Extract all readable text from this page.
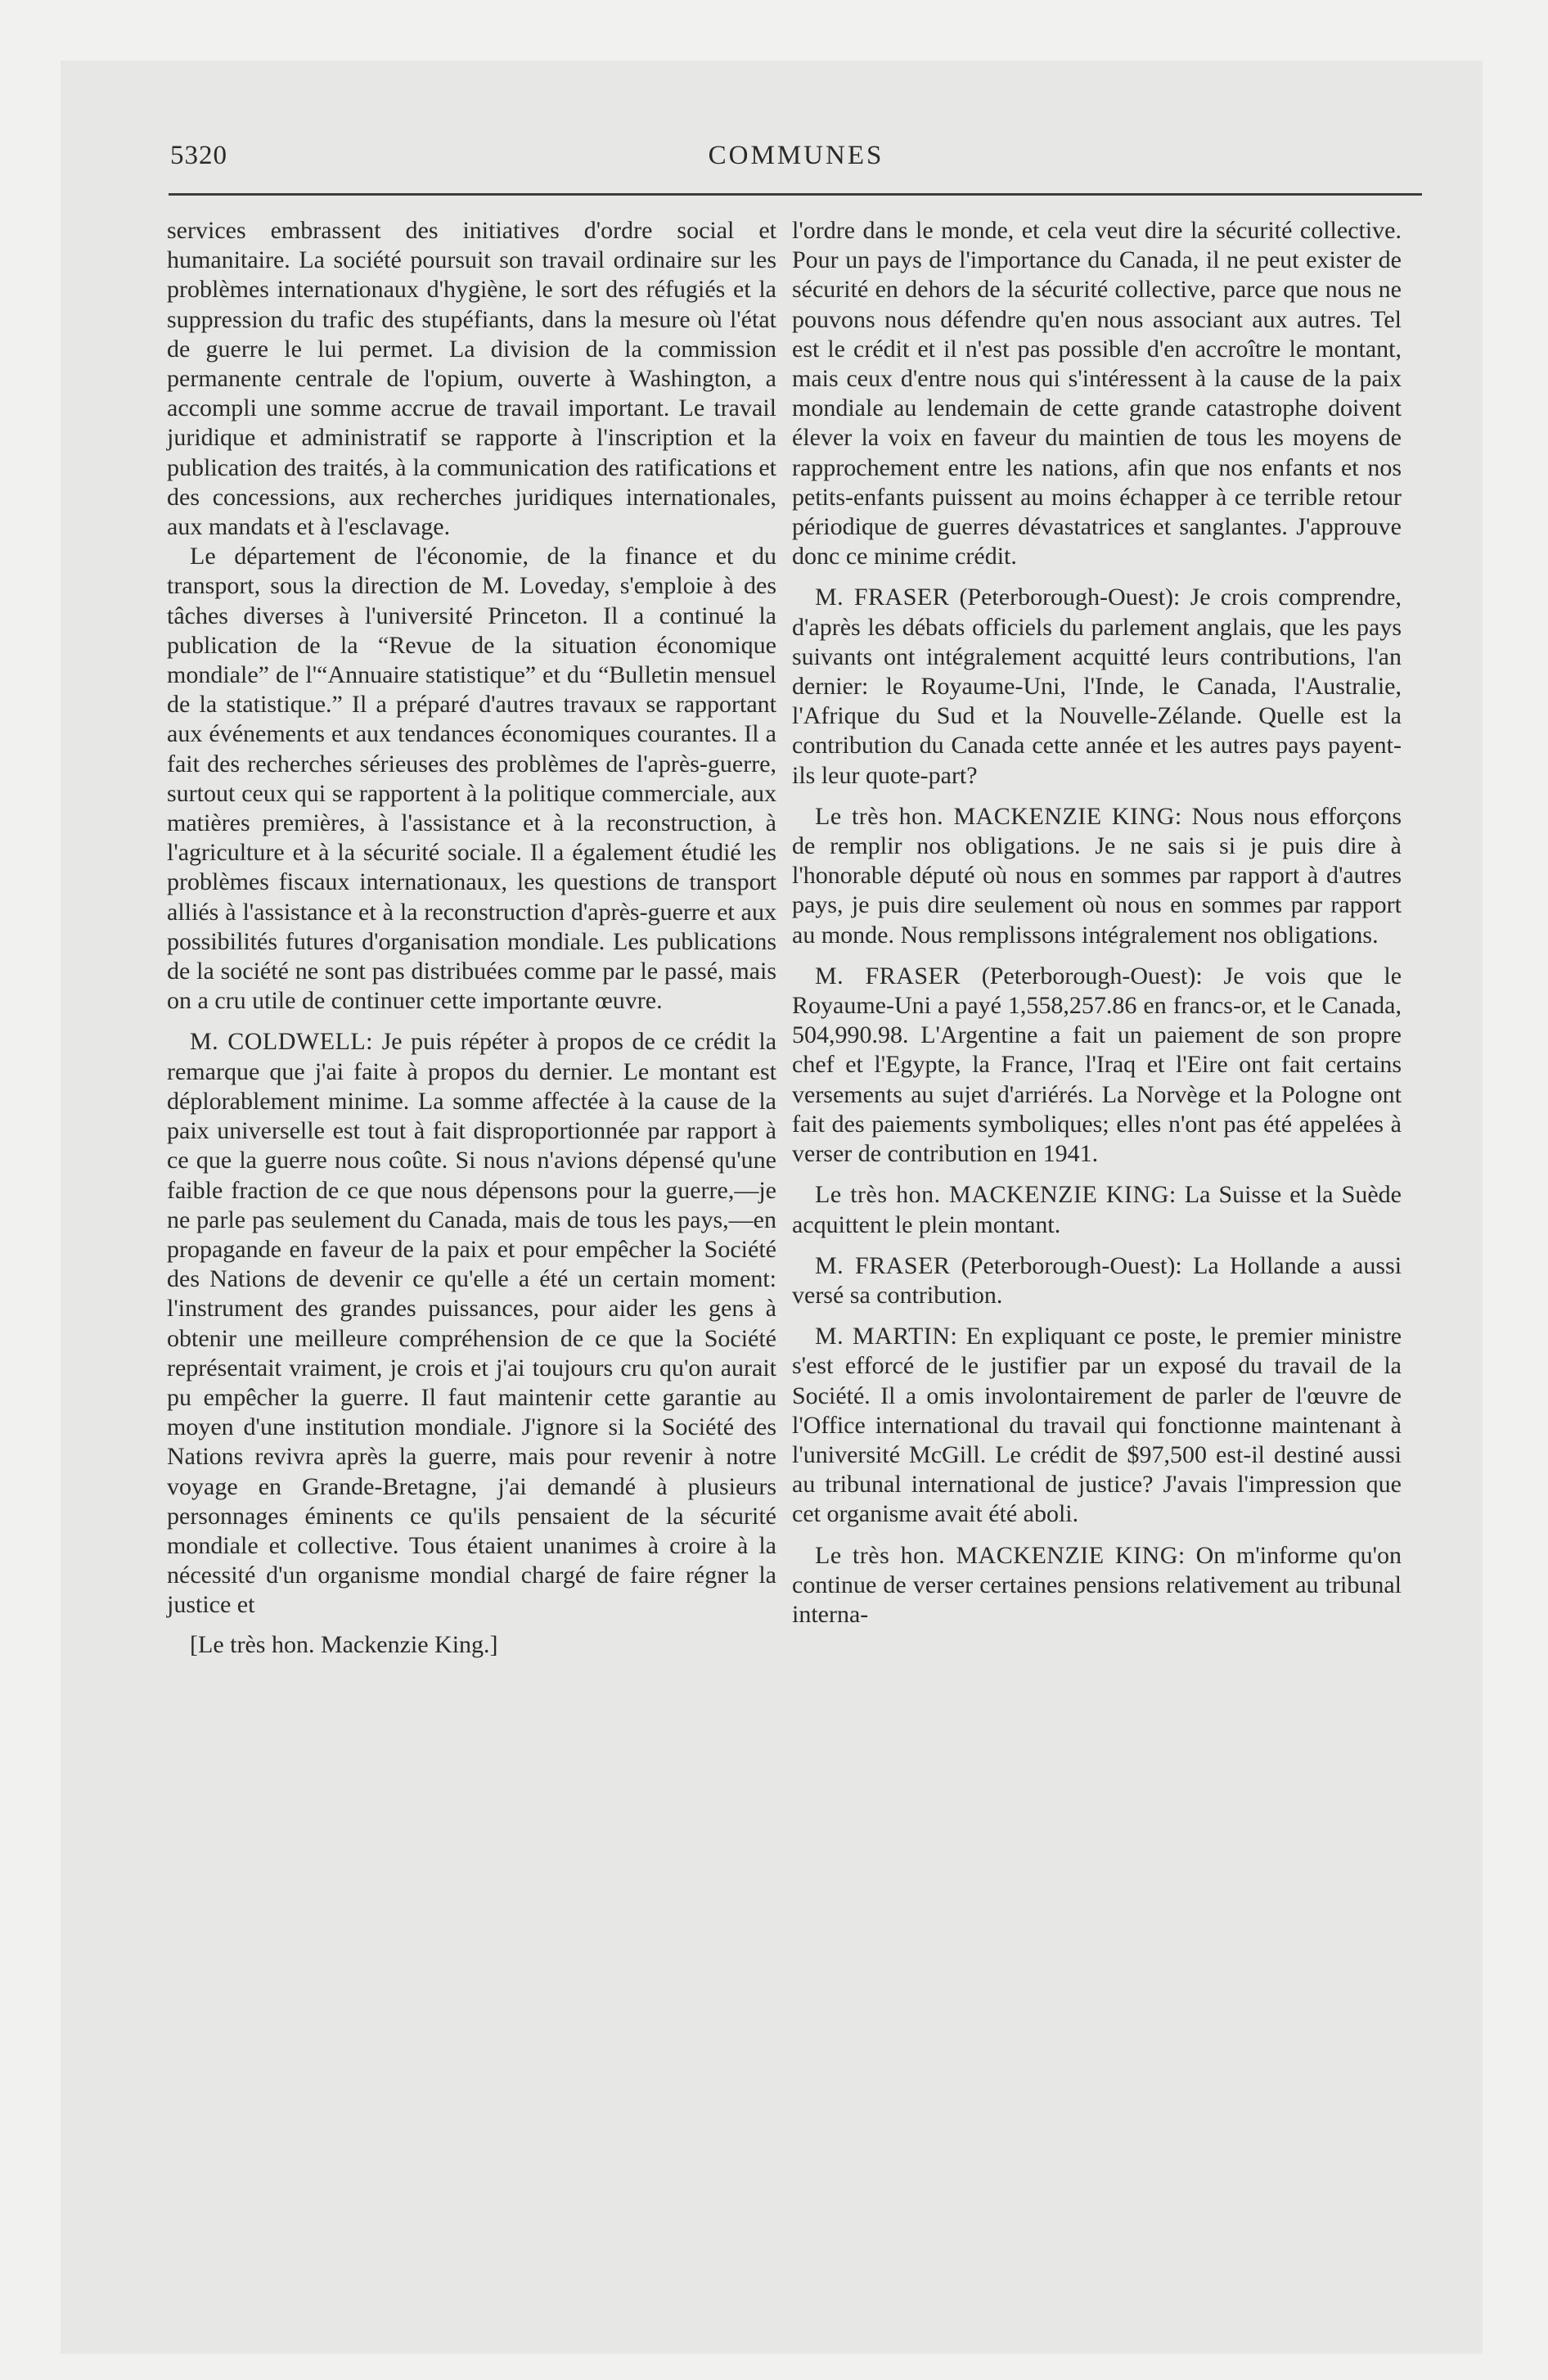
5320	COMMUNES

services embrassent des initiatives d'ordre social et humanitaire. La société poursuit son travail ordinaire sur les problèmes internationaux d'hygiène, le sort des réfugiés et la suppression du trafic des stupéfiants, dans la mesure où l'état de guerre le lui permet. La division de la commission permanente centrale de l'opium, ouverte à Washington, a accompli une somme accrue de travail important. Le travail juridique et administratif se rapporte à l'inscription et la publication des traités, à la communication des ratifications et des concessions, aux recherches juridiques internationales, aux mandats et à l'esclavage.

Le département de l'économie, de la finance et du transport, sous la direction de M. Loveday, s'emploie à des tâches diverses à l'université Princeton. Il a continué la publication de la “Revue de la situation économique mondiale” de l'“Annuaire statistique” et du “Bulletin mensuel de la statistique.” Il a préparé d'autres travaux se rapportant aux événements et aux tendances économiques courantes. Il a fait des recherches sérieuses des problèmes de l'après-guerre, surtout ceux qui se rapportent à la politique commerciale, aux matières premières, à l'assistance et à la reconstruction, à l'agriculture et à la sécurité sociale. Il a également étudié les problèmes fiscaux internationaux, les questions de transport alliés à l'assistance et à la reconstruction d'après-guerre et aux possibilités futures d'organisation mondiale. Les publications de la société ne sont pas distribuées comme par le passé, mais on a cru utile de continuer cette importante œuvre.

M. COLDWELL: Je puis répéter à propos de ce crédit la remarque que j'ai faite à propos du dernier. Le montant est déplorablement minime. La somme affectée à la cause de la paix universelle est tout à fait disproportionnée par rapport à ce que la guerre nous coûte. Si nous n'avions dépensé qu'une faible fraction de ce que nous dépensons pour la guerre,—je ne parle pas seulement du Canada, mais de tous les pays,—en propagande en faveur de la paix et pour empêcher la Société des Nations de devenir ce qu'elle a été un certain moment: l'instrument des grandes puissances, pour aider les gens à obtenir une meilleure compréhension de ce que la Société représentait vraiment, je crois et j'ai toujours cru qu'on aurait pu empêcher la guerre. Il faut maintenir cette garantie au moyen d'une institution mondiale. J'ignore si la Société des Nations revivra après la guerre, mais pour revenir à notre voyage en Grande-Bretagne, j'ai demandé à plusieurs personnages éminents ce qu'ils pensaient de la sécurité mondiale et collective. Tous étaient unanimes à croire à la nécessité d'un organisme mondial chargé de faire régner la justice et

[Le très hon. Mackenzie King.]

l'ordre dans le monde, et cela veut dire la sécurité collective. Pour un pays de l'importance du Canada, il ne peut exister de sécurité en dehors de la sécurité collective, parce que nous ne pouvons nous défendre qu'en nous associant aux autres. Tel est le crédit et il n'est pas possible d'en accroître le montant, mais ceux d'entre nous qui s'intéressent à la cause de la paix mondiale au lendemain de cette grande catastrophe doivent élever la voix en faveur du maintien de tous les moyens de rapprochement entre les nations, afin que nos enfants et nos petits-enfants puissent au moins échapper à ce terrible retour périodique de guerres dévastatrices et sanglantes. J'approuve donc ce minime crédit.

M. FRASER (Peterborough-Ouest): Je crois comprendre, d'après les débats officiels du parlement anglais, que les pays suivants ont intégralement acquitté leurs contributions, l'an dernier: le Royaume-Uni, l'Inde, le Canada, l'Australie, l'Afrique du Sud et la Nouvelle-Zélande. Quelle est la contribution du Canada cette année et les autres pays payent-ils leur quote-part?

Le très hon. MACKENZIE KING: Nous nous efforçons de remplir nos obligations. Je ne sais si je puis dire à l'honorable député où nous en sommes par rapport à d'autres pays, je puis dire seulement où nous en sommes par rapport au monde. Nous remplissons intégralement nos obligations.

M. FRASER (Peterborough-Ouest): Je vois que le Royaume-Uni a payé 1,558,257.86 en francs-or, et le Canada, 504,990.98. L'Argentine a fait un paiement de son propre chef et l'Egypte, la France, l'Iraq et l'Eire ont fait certains versements au sujet d'arriérés. La Norvège et la Pologne ont fait des paiements symboliques; elles n'ont pas été appelées à verser de contribution en 1941.

Le très hon. MACKENZIE KING: La Suisse et la Suède acquittent le plein montant.

M. FRASER (Peterborough-Ouest): La Hollande a aussi versé sa contribution.

M. MARTIN: En expliquant ce poste, le premier ministre s'est efforcé de le justifier par un exposé du travail de la Société. Il a omis involontairement de parler de l'œuvre de l'Office international du travail qui fonctionne maintenant à l'université McGill. Le crédit de $97,500 est-il destiné aussi au tribunal international de justice? J'avais l'impression que cet organisme avait été aboli.

Le très hon. MACKENZIE KING: On m'informe qu'on continue de verser certaines pensions relativement au tribunal interna-
